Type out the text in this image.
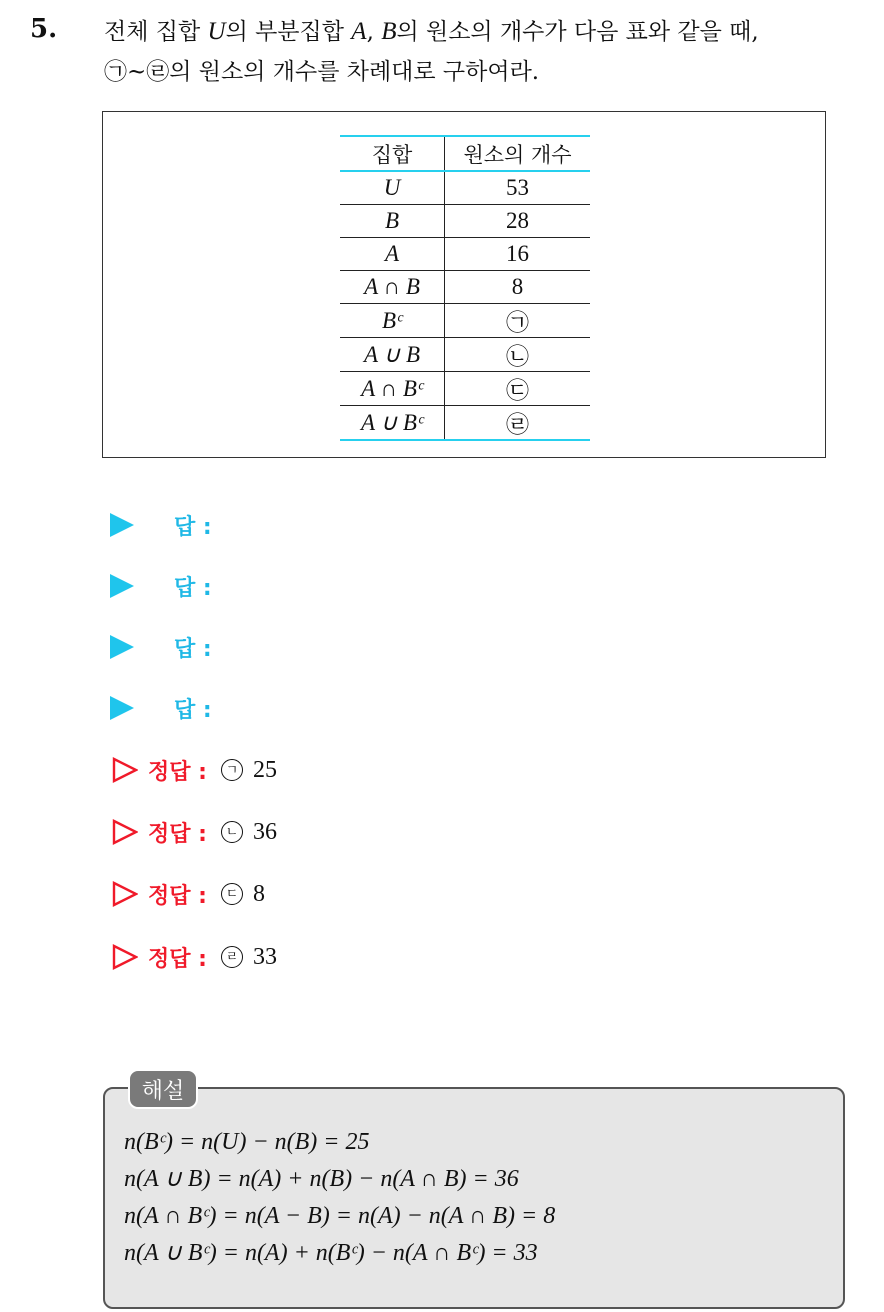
5. 전체 집합 U의 부분집합 A, B의 원소의 개수가 다음 표와 같을 때,
㉠~㉣의 원소의 개수를 차례대로 구하여라.
집합	원소의 개수
U	53
B	28
A	16
A ∩ B	8
Bᶜ	㉠
A ∪ B	㉡
A ∩ Bᶜ	㉢
A ∪ Bᶜ	㉣
답 :
답 :
답 :
답 :
정답 :	ㄱ 25
정답 :	ㄴ 36
정답 :	ㄷ 8
정답 :	ㄹ 33
해설
n(Bᶜ) = n(U) − n(B) = 25
n(A ∪ B) = n(A) + n(B) − n(A ∩ B) = 36
n(A ∩ Bᶜ) = n(A − B) = n(A) − n(A ∩ B) = 8
n(A ∪ Bᶜ) = n(A) + n(Bᶜ) − n(A ∩ Bᶜ) = 33
